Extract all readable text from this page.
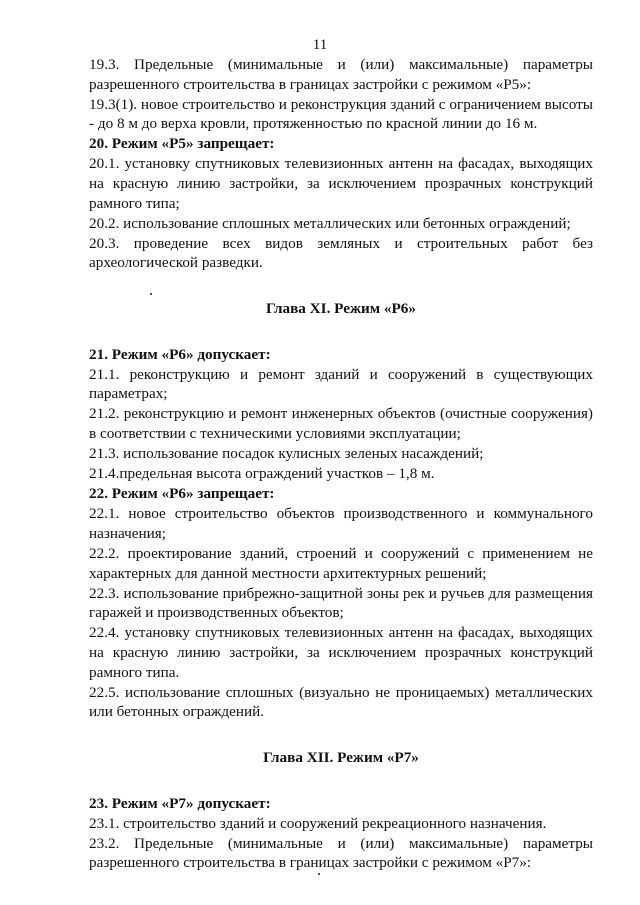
11

19.3. Предельные (минимальные и (или) максимальные) параметры разрешенного строительства в границах застройки с режимом «Р5»:

19.3(1). новое строительство и реконструкция зданий с ограничением высоты - до 8 м до верха кровли, протяженностью по красной линии до 16 м.

20. Режим «Р5» запрещает:

20.1. установку спутниковых телевизионных антенн на фасадах, выходящих на красную линию застройки, за исключением прозрачных конструкций рамного типа;

20.2. использование сплошных металлических или бетонных ограждений;

20.3. проведение всех видов земляных и строительных работ без археологической разведки.

Глава XI. Режим «Р6»

21. Режим «Р6» допускает:

21.1. реконструкцию и ремонт зданий и сооружений в существующих параметрах;

21.2. реконструкцию и ремонт инженерных объектов (очистные сооружения) в соответствии с техническими условиями эксплуатации;

21.3. использование посадок кулисных зеленых насаждений;

21.4.предельная высота ограждений участков – 1,8 м.

22. Режим «Р6» запрещает:

22.1. новое строительство объектов производственного и коммунального назначения;

22.2. проектирование зданий, строений и сооружений с применением не характерных для данной местности архитектурных решений;

22.3. использование прибрежно-защитной зоны рек и ручьев для размещения гаражей и производственных объектов;

22.4. установку спутниковых телевизионных антенн на фасадах, выходящих на красную линию застройки, за исключением прозрачных конструкций рамного типа.

22.5. использование сплошных (визуально не проницаемых) металлических или бетонных ограждений.

Глава XII. Режим «Р7»

23. Режим «Р7» допускает:

23.1. строительство зданий и сооружений рекреационного назначения.

23.2. Предельные (минимальные и (или) максимальные) параметры разрешенного строительства в границах застройки с режимом «Р7»:
